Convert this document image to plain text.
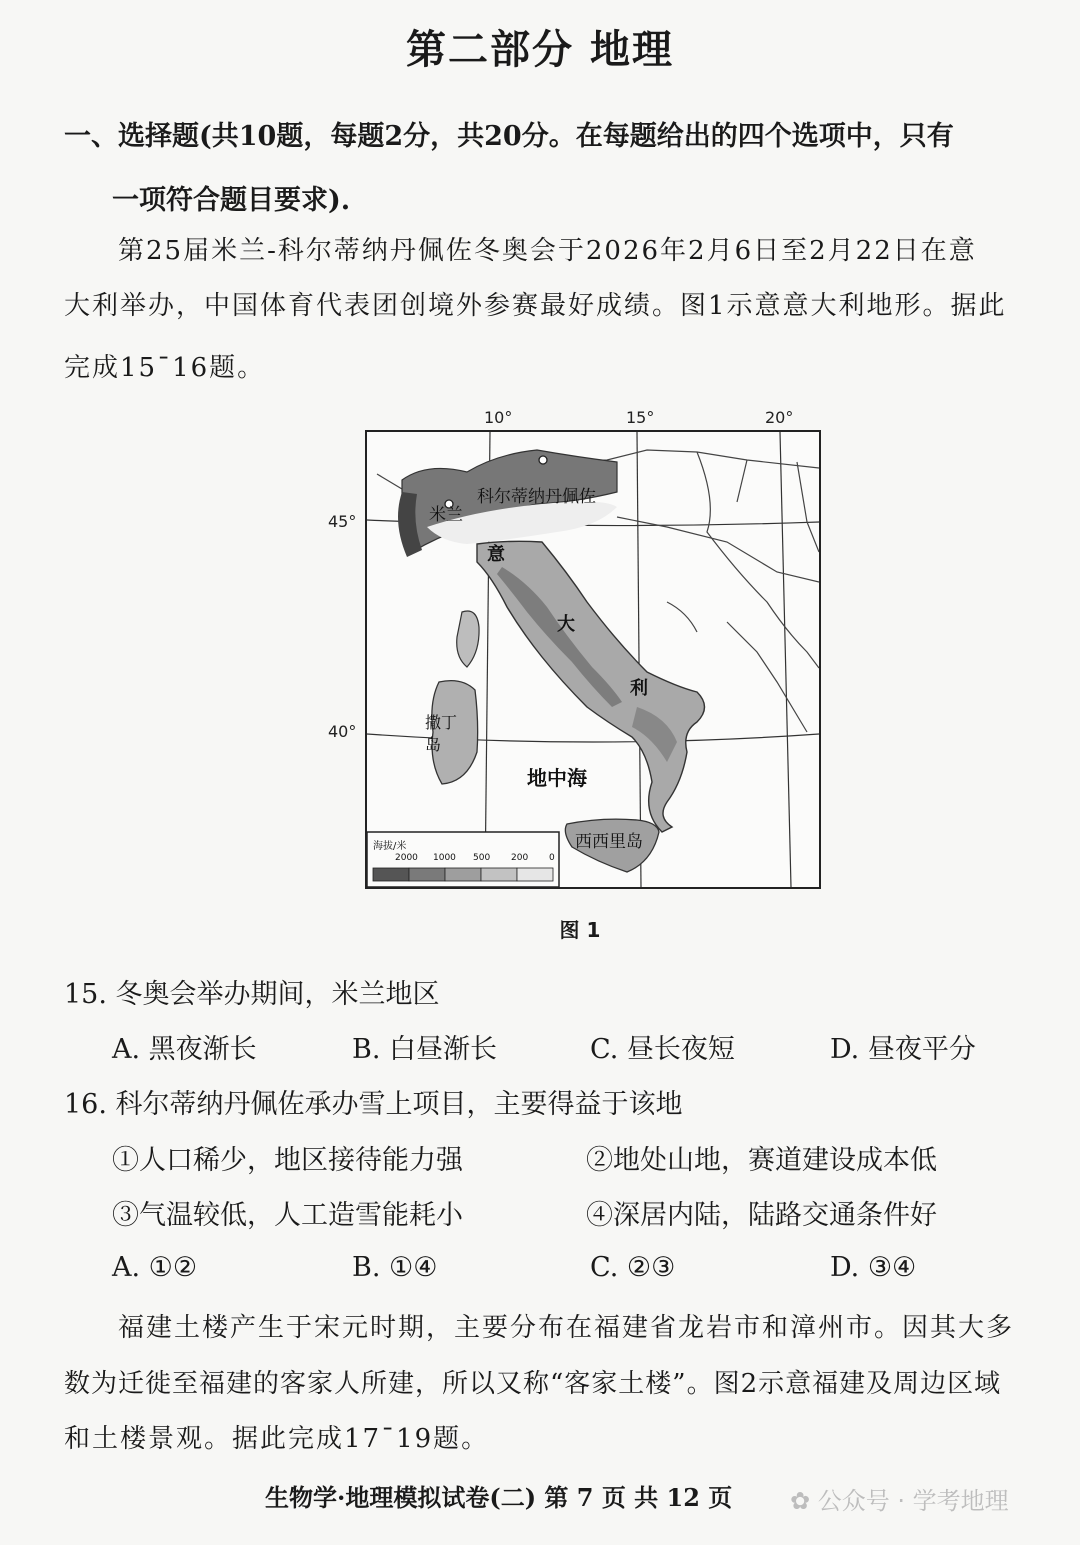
第二部分 地理
一、选择题(共10题，每题2分，共20分。在每题给出的四个选项中，只有
一项符合题目要求).
第25届米兰-科尔蒂纳丹佩佐冬奥会于2026年2月6日至2月22日在意
大利举办，中国体育代表团创境外参赛最好成绩。图1示意意大利地形。据此
完成15¯16题。
10°	15°	20°
45°
40°
科尔蒂纳丹佩佐
米兰
意
大
利
撒丁岛
地中海
西西里岛
海拔/米
2000 1000 500 200 0
图 1
15. 冬奥会举办期间，米兰地区
A. 黑夜渐长	B. 白昼渐长	C. 昼长夜短	D. 昼夜平分
16. 科尔蒂纳丹佩佐承办雪上项目，主要得益于该地
①人口稀少，地区接待能力强	②地处山地，赛道建设成本低
③气温较低，人工造雪能耗小	④深居内陆，陆路交通条件好
A. ①②	B. ①④	C. ②③	D. ③④
福建土楼产生于宋元时期，主要分布在福建省龙岩市和漳州市。因其大多
数为迁徙至福建的客家人所建，所以又称“客家土楼”。图2示意福建及周边区域
和土楼景观。据此完成17¯19题。
生物学·地理模拟试卷(二) 第 7 页 共 12 页 ✿ 公众号 · 学考地理
